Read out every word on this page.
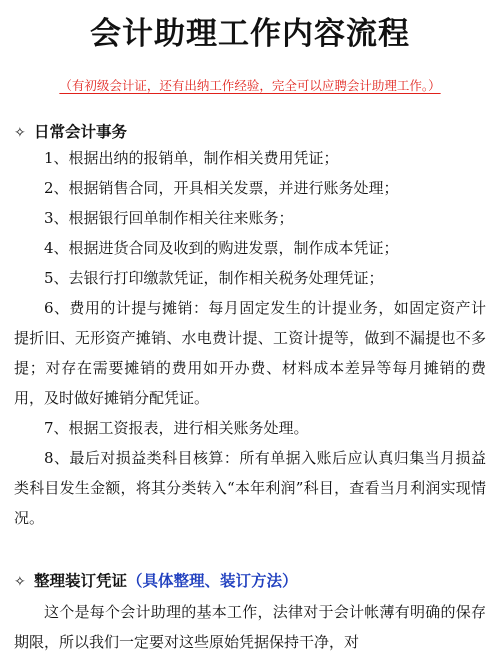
会计助理工作内容流程

（有初级会计证，还有出纳工作经验，完全可以应聘会计助理工作。）

✧ 日常会计事务

1、根据出纳的报销单，制作相关费用凭证；

2、根据销售合同，开具相关发票，并进行账务处理；

3、根据银行回单制作相关往来账务；

4、根据进货合同及收到的购进发票，制作成本凭证；

5、去银行打印缴款凭证，制作相关税务处理凭证；

6、费用的计提与摊销：每月固定发生的计提业务，如固定资产计提折旧、无形资产摊销、水电费计提、工资计提等，做到不漏提也不多提；对存在需要摊销的费用如开办费、材料成本差异等每月摊销的费用，及时做好摊销分配凭证。

7、根据工资报表，进行相关账务处理。

8、最后对损益类科目核算：所有单据入账后应认真归集当月损益类科目发生金额，将其分类转入“本年利润”科目，查看当月利润实现情况。

✧ 整理装订凭证（具体整理、装订方法）

这个是每个会计助理的基本工作，法律对于会计帐薄有明确的保存期限，所以我们一定要对这些原始凭据保持干净，对
